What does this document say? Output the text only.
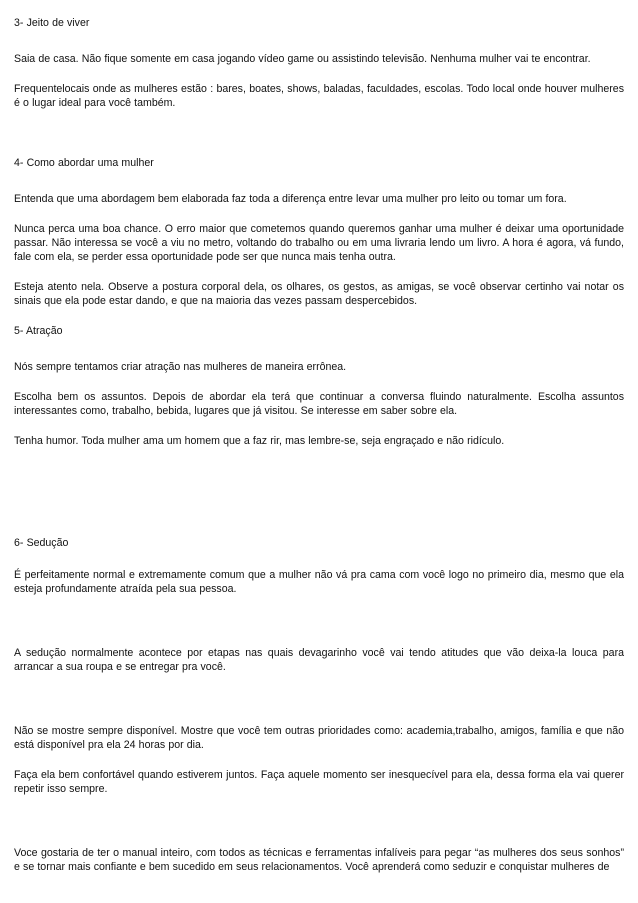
3- Jeito de viver

Saia de casa. Não fique somente em casa jogando vídeo game ou assistindo televisão. Nenhuma mulher vai te encontrar.

Frequentelocais onde as mulheres estão : bares, boates, shows, baladas, faculdades, escolas. Todo local onde houver mulheres é o lugar ideal para você também.

4- Como abordar uma mulher

Entenda que uma abordagem bem elaborada faz toda a diferença entre levar uma mulher pro leito ou tomar um fora.

Nunca perca uma boa chance. O erro maior que cometemos quando queremos ganhar uma mulher é deixar uma oportunidade passar. Não interessa se você a viu no metro, voltando do trabalho ou em uma livraria lendo um livro. A hora é agora, vá fundo, fale com ela, se perder essa oportunidade pode ser que nunca mais tenha outra.

Esteja atento nela. Observe a postura corporal dela, os olhares, os gestos, as amigas, se você observar certinho vai notar os sinais que ela pode estar dando, e que na maioria das vezes passam despercebidos.

5- Atração

Nós sempre tentamos criar atração nas mulheres de maneira errônea.

Escolha bem os assuntos. Depois de abordar ela terá que continuar a conversa fluindo naturalmente. Escolha assuntos interessantes como, trabalho, bebida, lugares que já visitou. Se interesse em saber sobre ela.

Tenha humor. Toda mulher ama um homem que a faz rir, mas lembre-se, seja engraçado e não ridículo.

6- Sedução

É perfeitamente normal e extremamente comum que a mulher não vá pra cama com você logo no primeiro dia, mesmo que ela esteja profundamente atraída pela sua pessoa.

A sedução normalmente acontece por etapas nas quais devagarinho você vai tendo atitudes que vão deixa-la louca para arrancar a sua roupa e se entregar pra você.

Não se mostre sempre disponível. Mostre que você tem outras prioridades como: academia,trabalho, amigos, família e que não está disponível pra ela 24 horas por dia.

Faça ela bem confortável quando estiverem juntos. Faça aquele momento ser inesquecível para ela, dessa forma ela vai querer repetir isso sempre.

Voce gostaria de ter o manual inteiro, com todos as técnicas e ferramentas infalíveis para pegar “as mulheres dos seus sonhos” e se tornar mais confiante e bem sucedido em seus relacionamentos. Você aprenderá como seduzir e conquistar mulheres de
